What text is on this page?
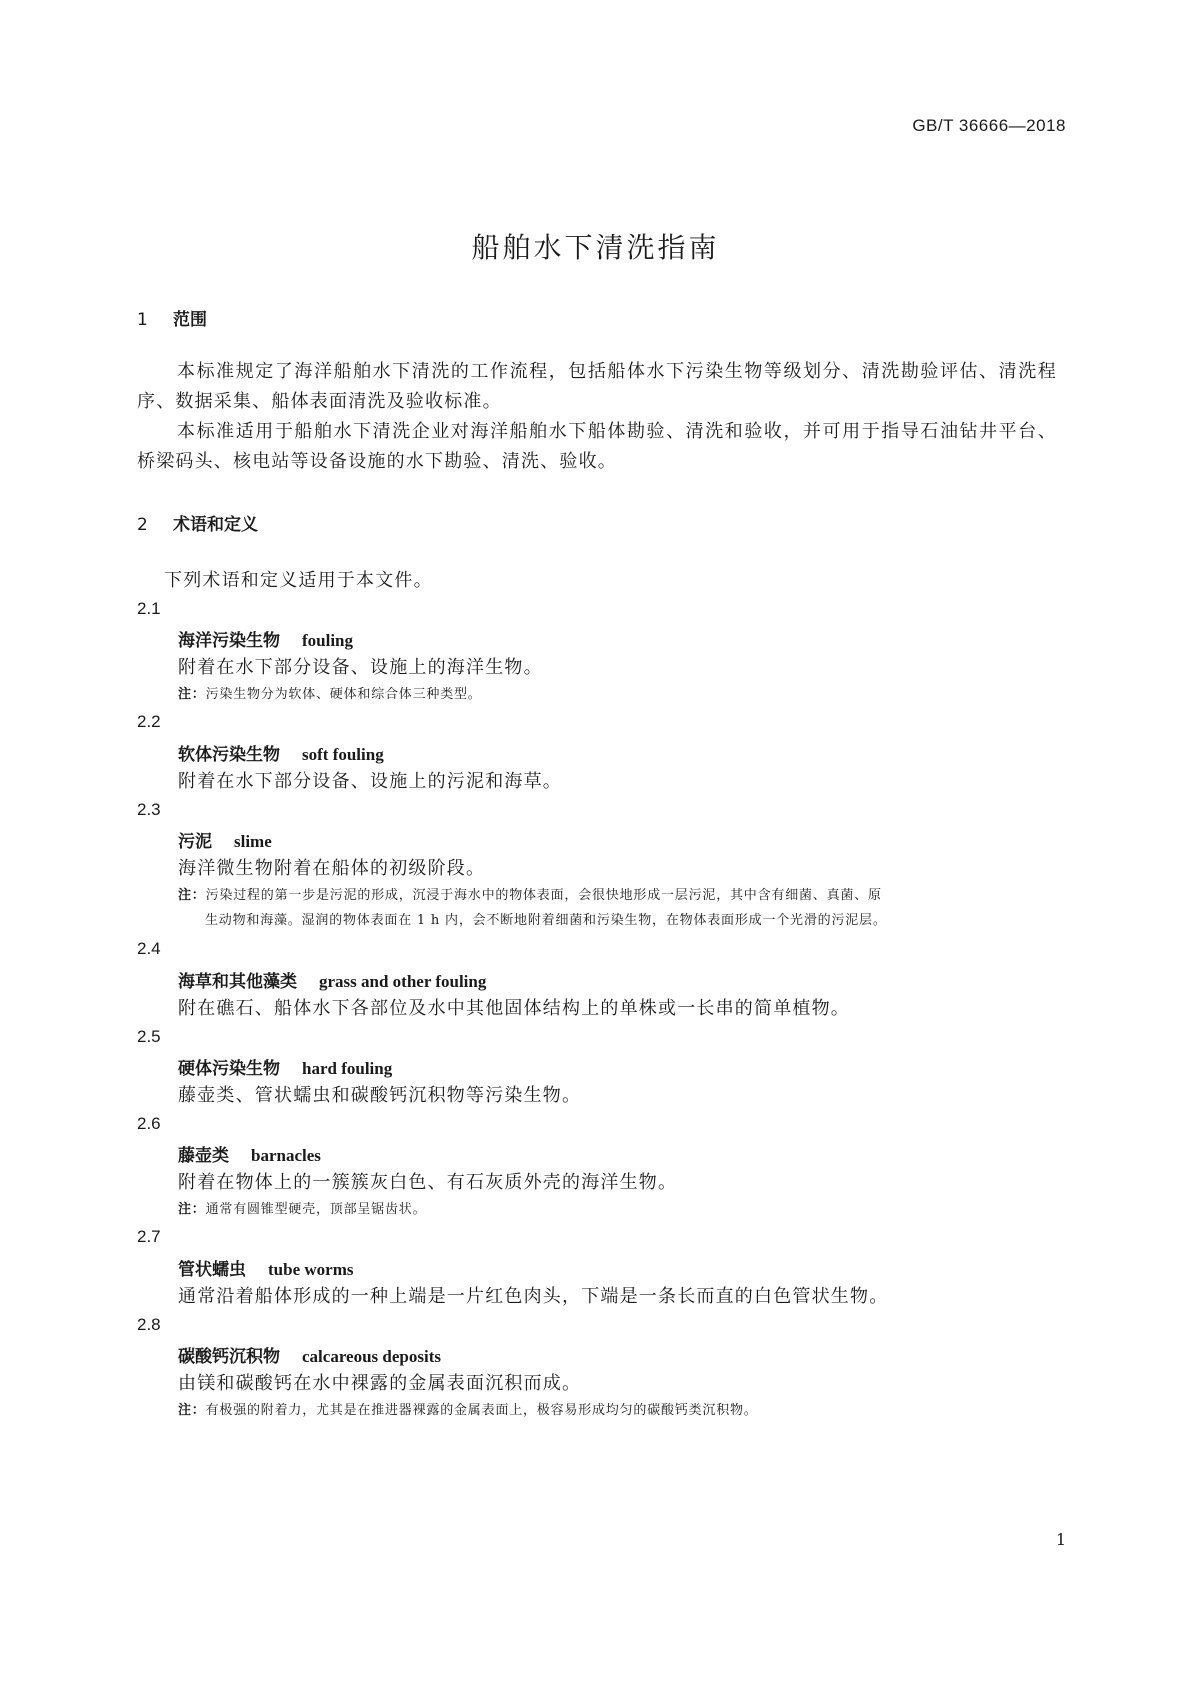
GB/T 36666—2018
船舶水下清洗指南
1 范围

本标准规定了海洋船舶水下清洗的工作流程，包括船体水下污染生物等级划分、清洗勘验评估、清洗程序、数据采集、船体表面清洗及验收标准。

本标准适用于船舶水下清洗企业对海洋船舶水下船体勘验、清洗和验收，并可用于指导石油钻井平台、桥梁码头、核电站等设备设施的水下勘验、清洗、验收。

2 术语和定义
下列术语和定义适用于本文件。
2.1
海洋污染生物 fouling
附着在水下部分设备、设施上的海洋生物。
注：污染生物分为软体、硬体和综合体三种类型。
2.2
软体污染生物 soft fouling
附着在水下部分设备、设施上的污泥和海草。
2.3
污泥 slime
海洋微生物附着在船体的初级阶段。
注：污染过程的第一步是污泥的形成，沉浸于海水中的物体表面，会很快地形成一层污泥，其中含有细菌、真菌、原
生动物和海藻。湿润的物体表面在 1 h 内，会不断地附着细菌和污染生物，在物体表面形成一个光滑的污泥层。
2.4
海草和其他藻类 grass and other fouling
附在礁石、船体水下各部位及水中其他固体结构上的单株或一长串的简单植物。
2.5
硬体污染生物 hard fouling
藤壶类、管状蠕虫和碳酸钙沉积物等污染生物。
2.6
藤壶类 barnacles
附着在物体上的一簇簇灰白色、有石灰质外壳的海洋生物。
注：通常有圆锥型硬壳，顶部呈锯齿状。
2.7
管状蠕虫 tube worms
通常沿着船体形成的一种上端是一片红色肉头，下端是一条长而直的白色管状生物。
2.8
碳酸钙沉积物 calcareous deposits
由镁和碳酸钙在水中裸露的金属表面沉积而成。
注：有极强的附着力，尤其是在推进器裸露的金属表面上，极容易形成均匀的碳酸钙类沉积物。
1
